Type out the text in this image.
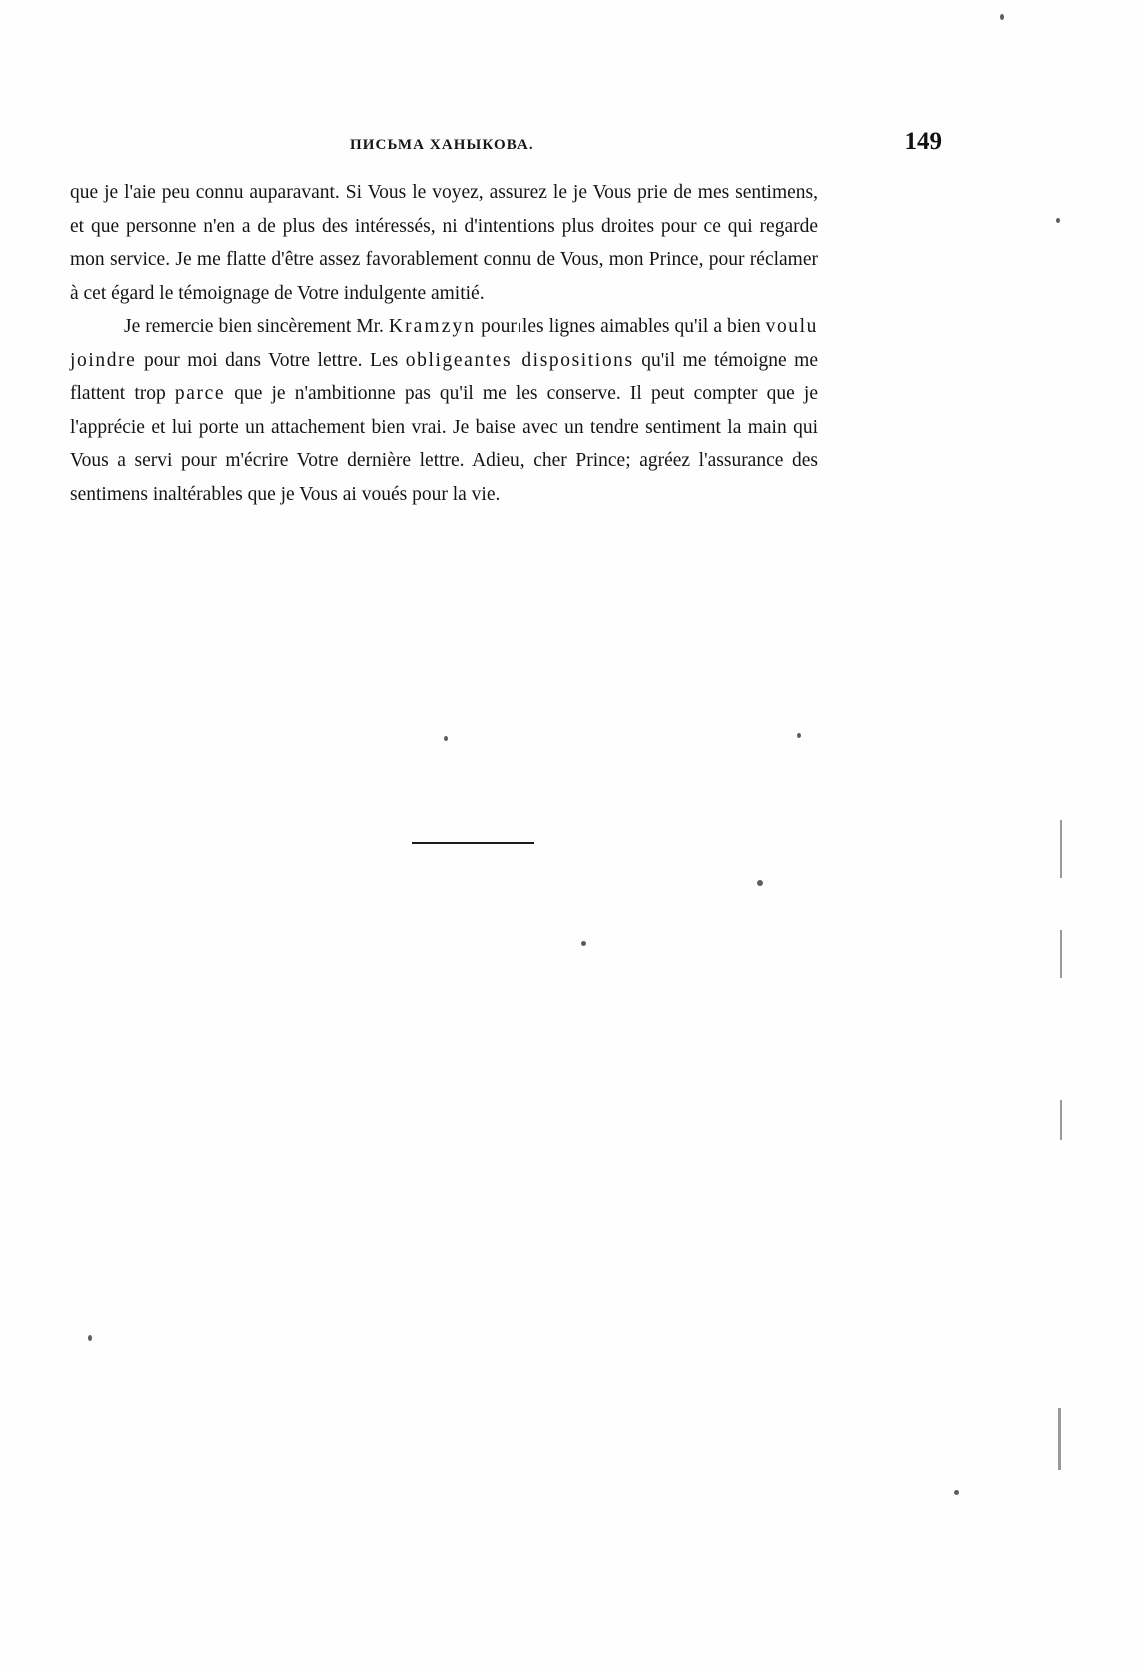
ПИСЬМА ХАНЫКОВА.	149

que je l'aie peu connu auparavant. Si Vous le voyez, assurez le je Vous prie de mes sentimens, et que personne n'en a de plus des intéressés, ni d'intentions plus droites pour ce qui regarde mon service. Je me flatte d'être assez favorablement connu de Vous, mon Prince, pour réclamer à cet égard le témoignage de Votre indulgente amitié.

Je remercie bien sincèrement Mr. Kramzyn pour les lignes aimables qu'il a bien voulu joindre pour moi dans Votre lettre. Les obligeantes dispositions qu'il me témoigne me flattent trop parce que je n'ambitionne pas qu'il me les conserve. Il peut compter que je l'apprécie et lui porte un attachement bien vrai. Je baise avec un tendre sentiment la main qui Vous a servi pour m'écrire Votre dernière lettre. Adieu, cher Prince; agréez l'assurance des sentimens inaltérables que je Vous ai voués pour la vie.
